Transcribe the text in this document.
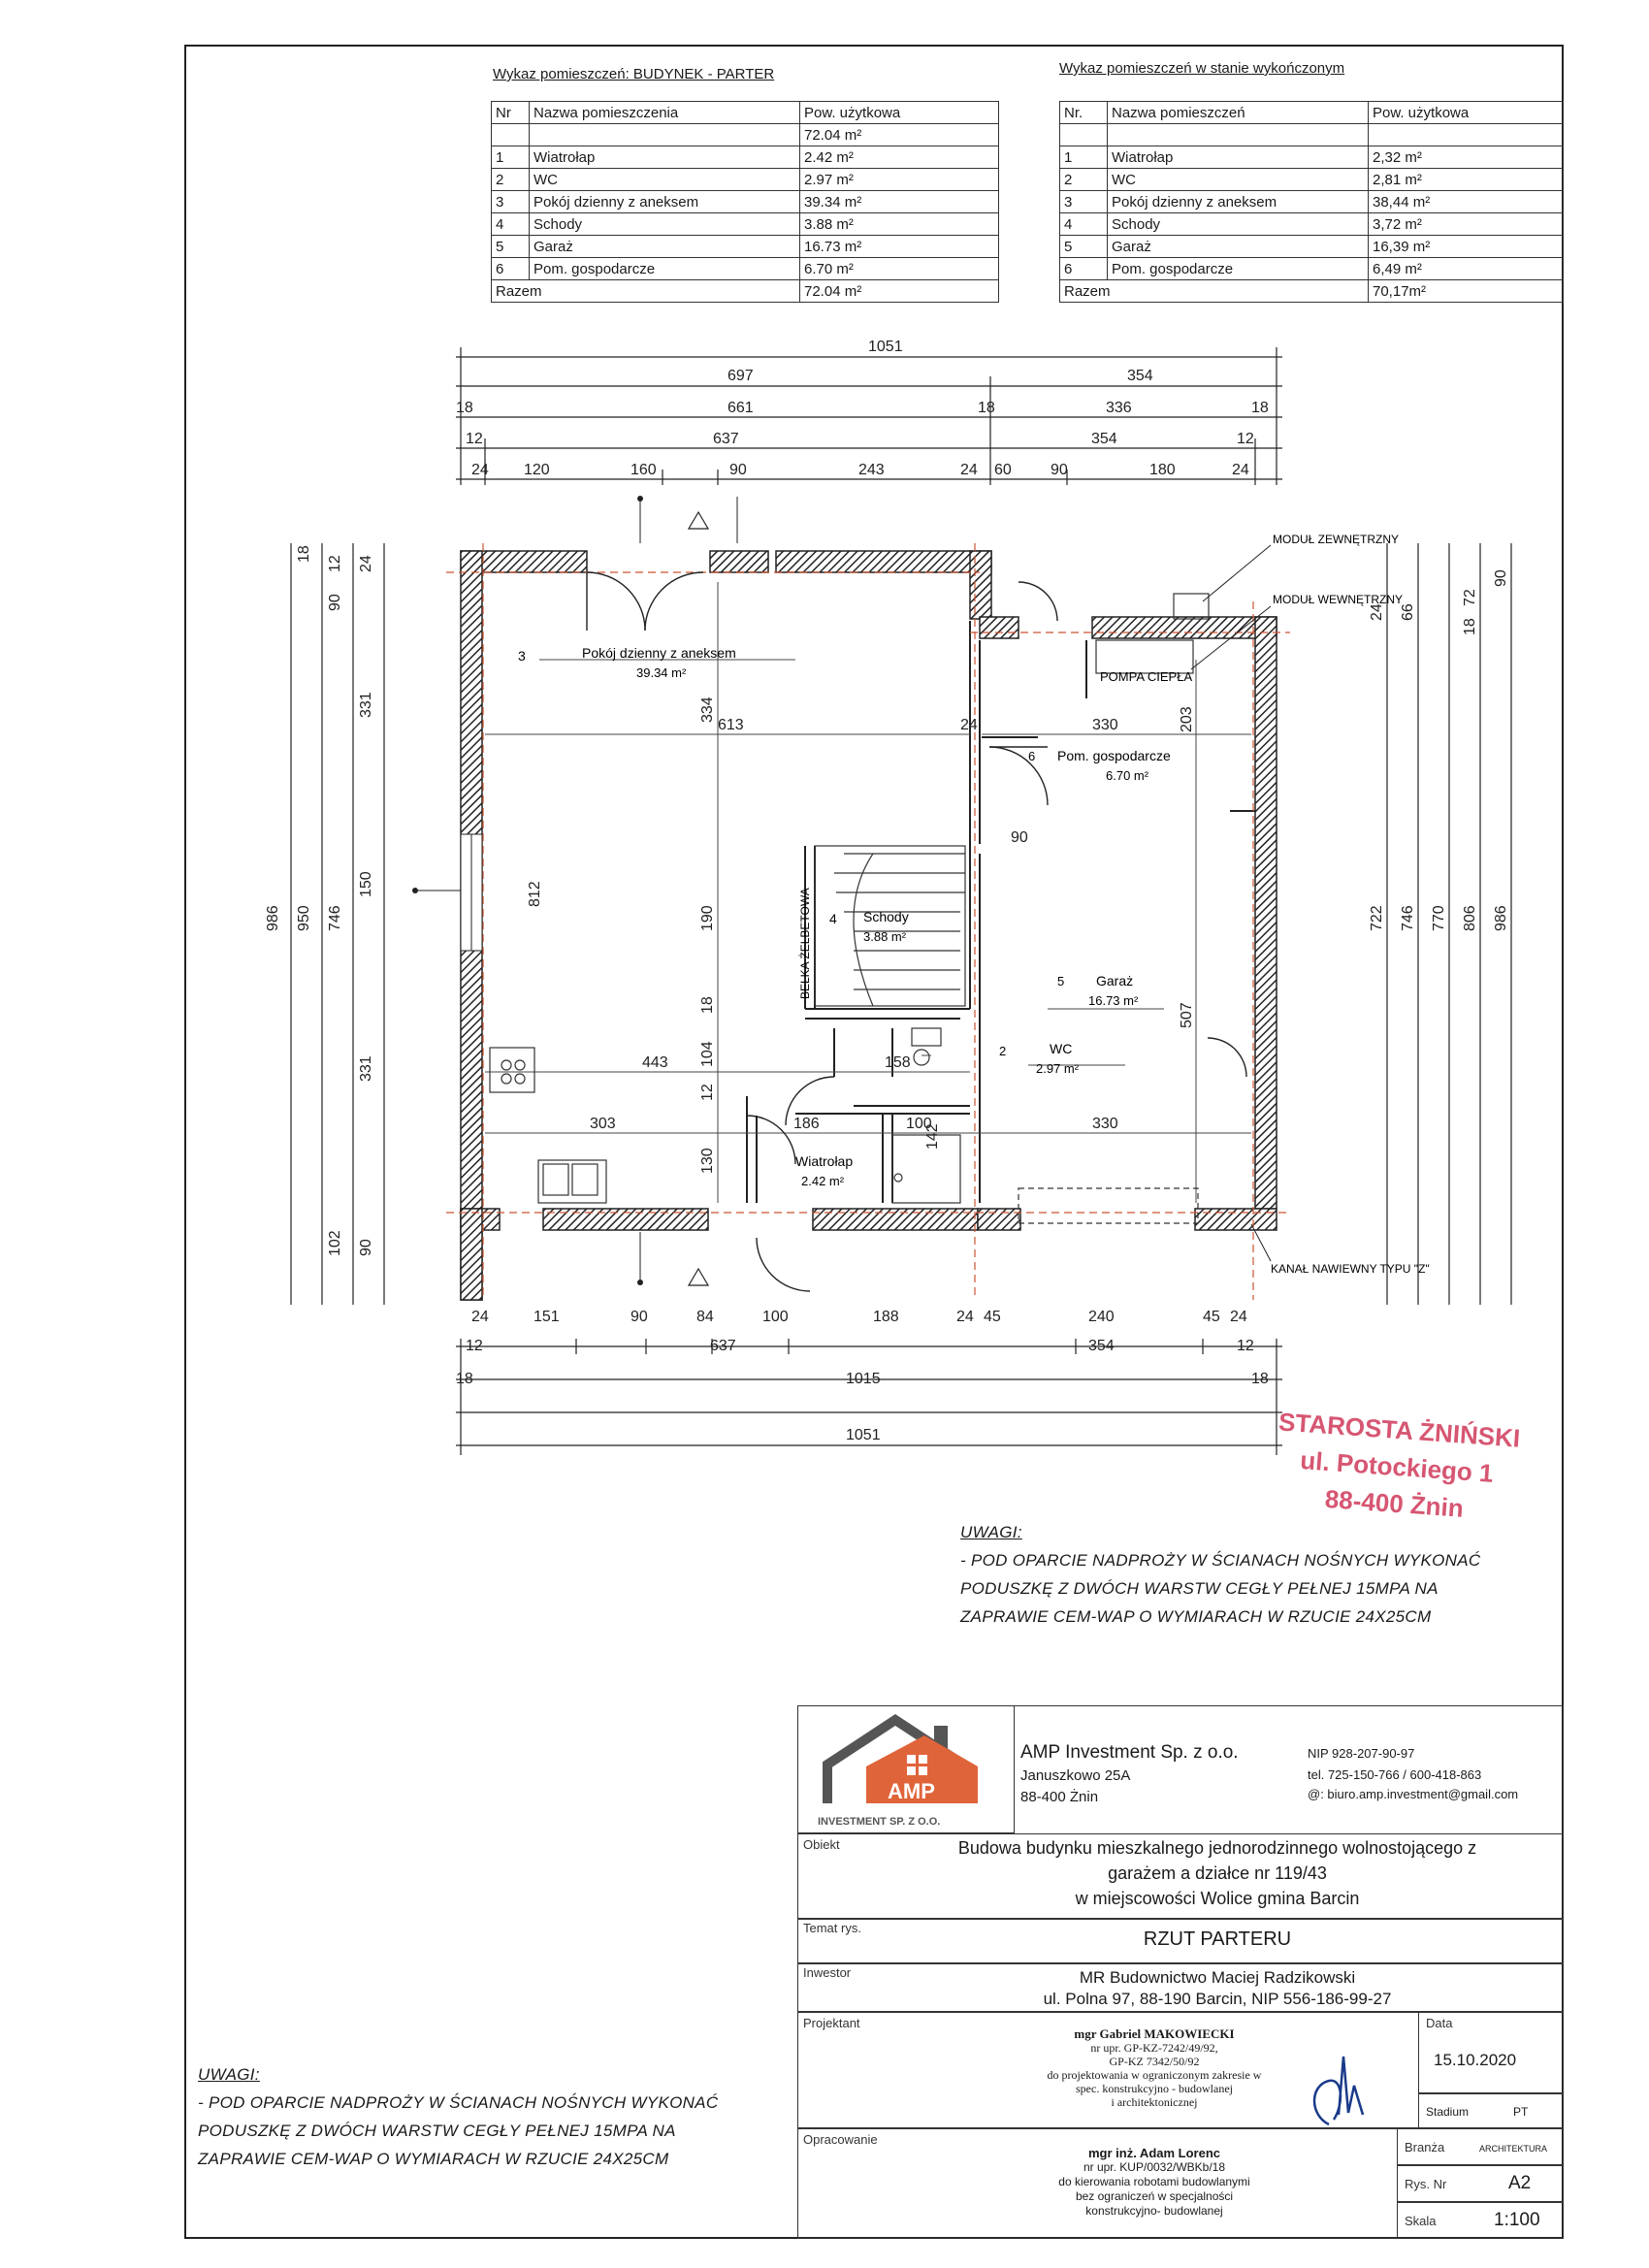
Wykaz pomieszczeń: BUDYNEK - PARTER
Nr	Nazwa pomieszczenia	Pow. użytkowa
		72.04 m²
1	Wiatrołap	2.42 m²
2	WC	2.97 m²
3	Pokój dzienny z aneksem	39.34 m²
4	Schody	3.88 m²
5	Garaż	16.73 m²
6	Pom. gospodarcze	6.70 m²
Razem		72.04 m²
Wykaz pomieszczeń w stanie wykończonym
Nr.	Nazwa pomieszczeń	Pow. użytkowa

1	Wiatrołap	2,32 m²
2	WC	2,81 m²
3	Pokój dzienny z aneksem	38,44 m²
4	Schody	3,72 m²
5	Garaż	16,39 m²
6	Pom. gospodarcze	6,49 m²
Razem		70,17m²
1051
697	354
18	661	18	336	18
12	637	354	12
24 120	160	90	243	24 60	90	180	24
24	151	90	84	100	188	24 45	240	45 24
12	637	354	12
18	1015	18
1051
986 950 746
18
90
331
150
331
102 90
12 24
986
806
770
746
722
90
72
18
66
24
3	Pokój dzienny z aneksem
39.34 m²
4 Schody
3.88 m²
5 Garaż
16.73 m²
2	WC
2.97 m²
Wiatrołap
2.42 m²
6 Pom. gospodarcze
6.70 m²
POMPA CIEPŁA
BELKA ŻELBETOWA
MODUŁ ZEWNĘTRZNY
MODUŁ WEWNĘTRZNY
KANAŁ NAWIEWNY TYPU "Z"
613	330
334
812
190
443	158
303	186	100	330
142
130
104
507
203
90
24
18
12
STAROSTA ŻNIŃSKI
ul. Potockiego 1
88-400 Żnin
UWAGI:
- POD OPARCIE NADPROŻY W ŚCIANACH NOŚNYCH WYKONAĆ
PODUSZKĘ Z DWÓCH WARSTW CEGŁY PEŁNEJ 15MPA NA
ZAPRAWIE CEM-WAP O WYMIARACH W RZUCIE 24X25CM
UWAGI:
- POD OPARCIE NADPROŻY W ŚCIANACH NOŚNYCH WYKONAĆ
PODUSZKĘ Z DWÓCH WARSTW CEGŁY PEŁNEJ 15MPA NA
ZAPRAWIE CEM-WAP O WYMIARACH W RZUCIE 24X25CM
AMP
INVESTMENT SP. Z O.O.
AMP Investment Sp. z o.o.
Januszkowo 25A
88-400 Żnin
NIP 928-207-90-97
tel. 725-150-766 / 600-418-863
@: biuro.amp.investment@gmail.com
Obiekt	Budowa budynku mieszkalnego jednorodzinnego wolnostojącego z
garażem a działce nr 119/43
w miejscowości Wolice gmina Barcin
Temat rys.
RZUT PARTERU
Inwestor	MR Budownictwo Maciej Radzikowski
ul. Polna 97, 88-190 Barcin, NIP 556-186-99-27
Projektant
mgr Gabriel MAKOWIECKI
nr upr. GP-KZ-7242/49/92,
GP-KZ 7342/50/92
do projektowania w ograniczonym zakresie w
spec. konstrukcyjno - budowlanej
i architektonicznej
Opracowanie
mgr inż. Adam Lorenc
nr upr. KUP/0032/WBKb/18
do kierowania robotami budowlanymi
bez ograniczeń w specjalności
konstrukcyjno- budowlanej
Data
15.10.2020
Stadium	PT
Branża	ARCHITEKTURA
Rys. Nr	A2
Skala	1:100
